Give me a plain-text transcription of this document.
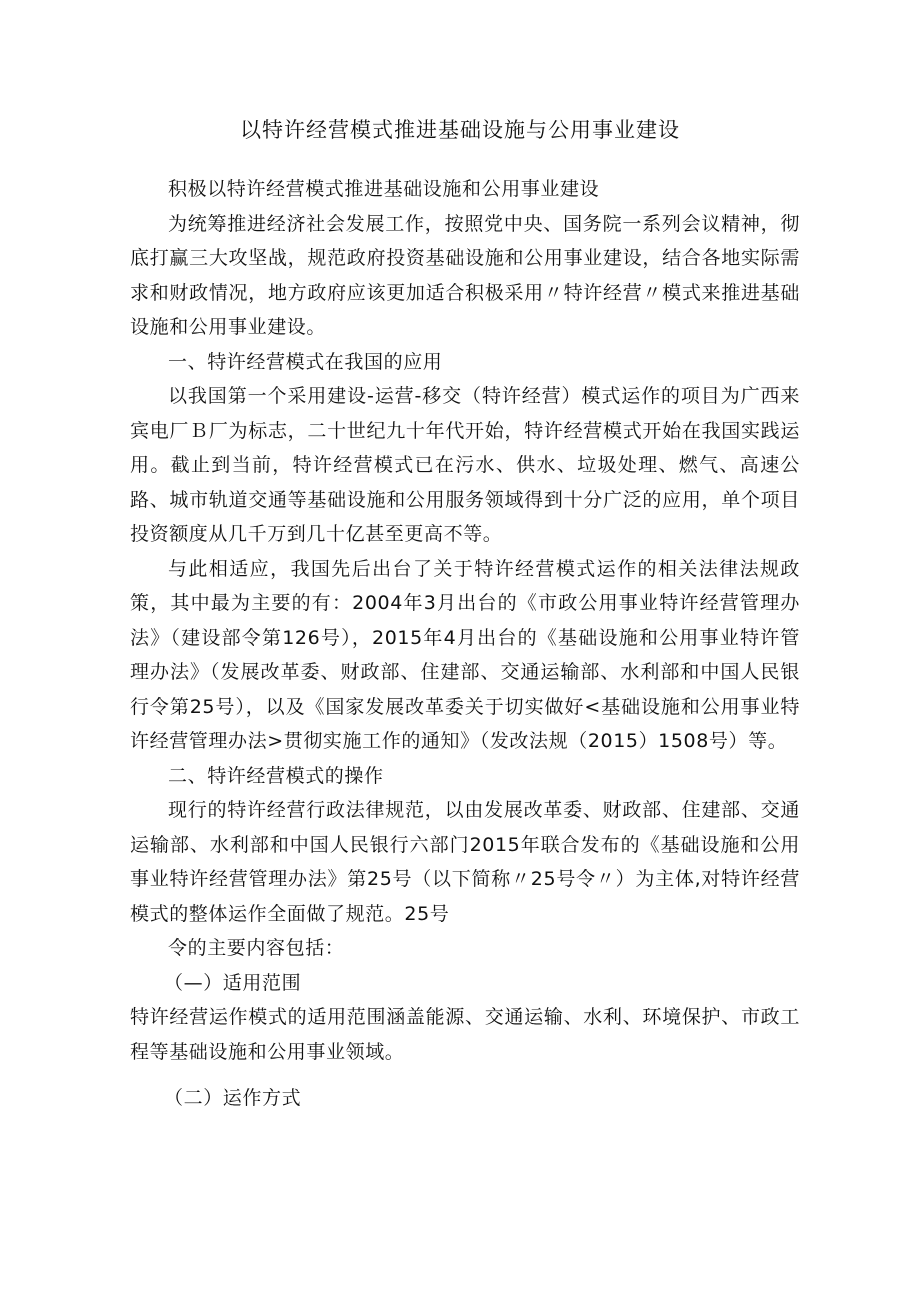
以特许经营模式推进基础设施与公用事业建设

积极以特许经营模式推进基础设施和公用事业建设

为统筹推进经济社会发展工作，按照党中央、国务院一系列会议精神，彻底打赢三大攻坚战，规范政府投资基础设施和公用事业建设，结合各地实际需求和财政情况，地方政府应该更加适合积极采用〃特许经营〃模式来推进基础设施和公用事业建设。

一、特许经营模式在我国的应用

以我国第一个采用建设-运营-移交（特许经营）模式运作的项目为广西来宾电厂Ｂ厂为标志，二十世纪九十年代开始，特许经营模式开始在我国实践运用。截止到当前，特许经营模式已在污水、供水、垃圾处理、燃气、高速公路、城市轨道交通等基础设施和公用服务领域得到十分广泛的应用，单个项目投资额度从几千万到几十亿甚至更高不等。

与此相适应，我国先后出台了关于特许经营模式运作的相关法律法规政策，其中最为主要的有：2004年3月出台的《市政公用事业特许经营管理办法》（建设部令第126号），2015年4月出台的《基础设施和公用事业特许管理办法》（发展改革委、财政部、住建部、交通运输部、水利部和中国人民银行令第25号），以及《国家发展改革委关于切实做好<基础设施和公用事业特许经营管理办法>贯彻实施工作的通知》（发改法规（2015）1508号）等。

二、特许经营模式的操作

现行的特许经营行政法律规范，以由发展改革委、财政部、住建部、交通运输部、水利部和中国人民银行六部门2015年联合发布的《基础设施和公用事业特许经营管理办法》第25号（以下简称〃25号令〃）为主体,对特许经营模式的整体运作全面做了规范。25号

令的主要内容包括：

（—）适用范围

特许经营运作模式的适用范围涵盖能源、交通运输、水利、环境保护、市政工程等基础设施和公用事业领域。

（二）运作方式
